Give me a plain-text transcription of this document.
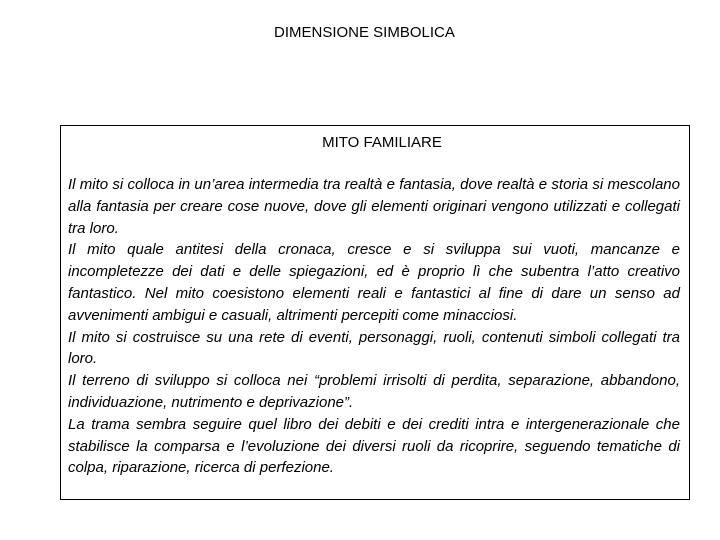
DIMENSIONE SIMBOLICA
MITO FAMILIARE

Il mito si colloca in un’area intermedia tra realtà e fantasia, dove realtà e storia si mescolano alla fantasia per creare cose nuove, dove gli elementi originari vengono utilizzati e collegati tra loro.

Il mito quale antitesi della cronaca, cresce e si sviluppa sui vuoti, mancanze e incompletezze dei dati e delle spiegazioni, ed è proprio lì che subentra l’atto creativo fantastico. Nel mito coesistono elementi reali e fantastici al fine di dare un senso ad avvenimenti ambigui e casuali, altrimenti percepiti come minacciosi.

Il mito si costruisce su una rete di eventi, personaggi, ruoli, contenuti simboli collegati tra loro.

Il terreno di sviluppo si colloca nei “problemi irrisolti di perdita, separazione, abbandono, individuazione, nutrimento e deprivazione”.

La trama sembra seguire quel libro dei debiti e dei crediti intra e intergenerazionale che stabilisce la comparsa e l’evoluzione dei diversi ruoli da ricoprire, seguendo tematiche di colpa, riparazione, ricerca di perfezione.
